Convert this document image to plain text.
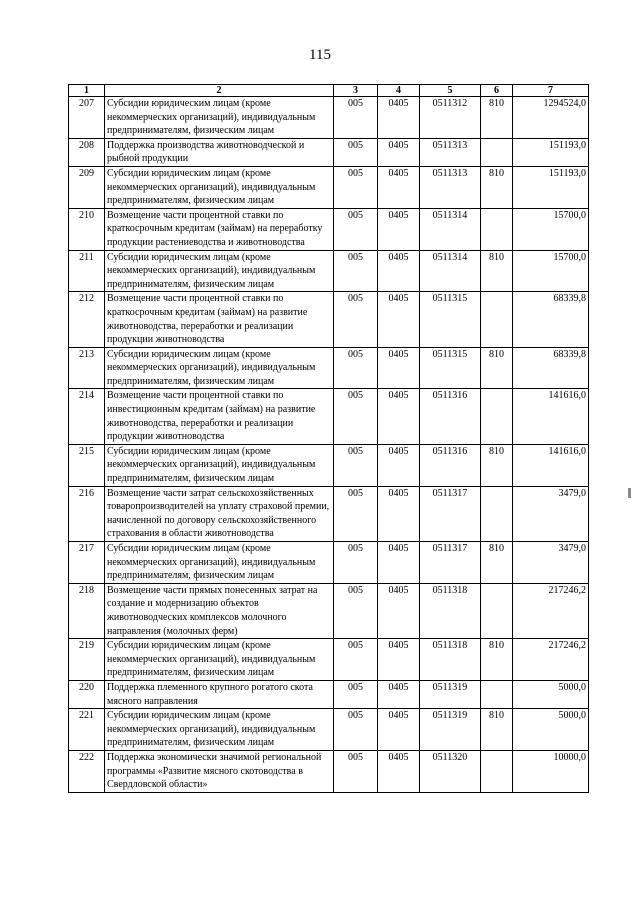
115
1	2	3	4	5	6	7
207	Субсидии юридическим лицам (кроме некоммерческих организаций), индивидуальным предпринимателям, физическим лицам	005	0405	0511312	810	1294524,0
208	Поддержка производства животноводческой и рыбной продукции	005	0405	0511313		151193,0
209	Субсидии юридическим лицам (кроме некоммерческих организаций), индивидуальным предпринимателям, физическим лицам	005	0405	0511313	810	151193,0
210	Возмещение части процентной ставки по краткосрочным кредитам (займам) на переработку продукции растениеводства и животноводства	005	0405	0511314		15700,0
211	Субсидии юридическим лицам (кроме некоммерческих организаций), индивидуальным предпринимателям, физическим лицам	005	0405	0511314	810	15700,0
212	Возмещение части процентной ставки по краткосрочным кредитам (займам) на развитие животноводства, переработки и реализации продукции животноводства	005	0405	0511315		68339,8
213	Субсидии юридическим лицам (кроме некоммерческих организаций), индивидуальным предпринимателям, физическим лицам	005	0405	0511315	810	68339,8
214	Возмещение части процентной ставки по инвестиционным кредитам (займам) на развитие животноводства, переработки и реализации продукции животноводства	005	0405	0511316		141616,0
215	Субсидии юридическим лицам (кроме некоммерческих организаций), индивидуальным предпринимателям, физическим лицам	005	0405	0511316	810	141616,0
216	Возмещение части затрат сельскохозяйственных товаропроизводителей на уплату страховой премии, начисленной по договору сельскохозяйственного страхования в области животноводства	005	0405	0511317		3479,0
217	Субсидии юридическим лицам (кроме некоммерческих организаций), индивидуальным предпринимателям, физическим лицам	005	0405	0511317	810	3479,0
218	Возмещение части прямых понесенных затрат на создание и модернизацию объектов животноводческих комплексов молочного направления (молочных ферм)	005	0405	0511318		217246,2
219	Субсидии юридическим лицам (кроме некоммерческих организаций), индивидуальным предпринимателям, физическим лицам	005	0405	0511318	810	217246,2
220	Поддержка племенного крупного рогатого скота мясного направления	005	0405	0511319		5000,0
221	Субсидии юридическим лицам (кроме некоммерческих организаций), индивидуальным предпринимателям, физическим лицам	005	0405	0511319	810	5000,0
222	Поддержка экономически значимой региональной программы «Развитие мясного скотоводства в Свердловской области»	005	0405	0511320		10000,0
